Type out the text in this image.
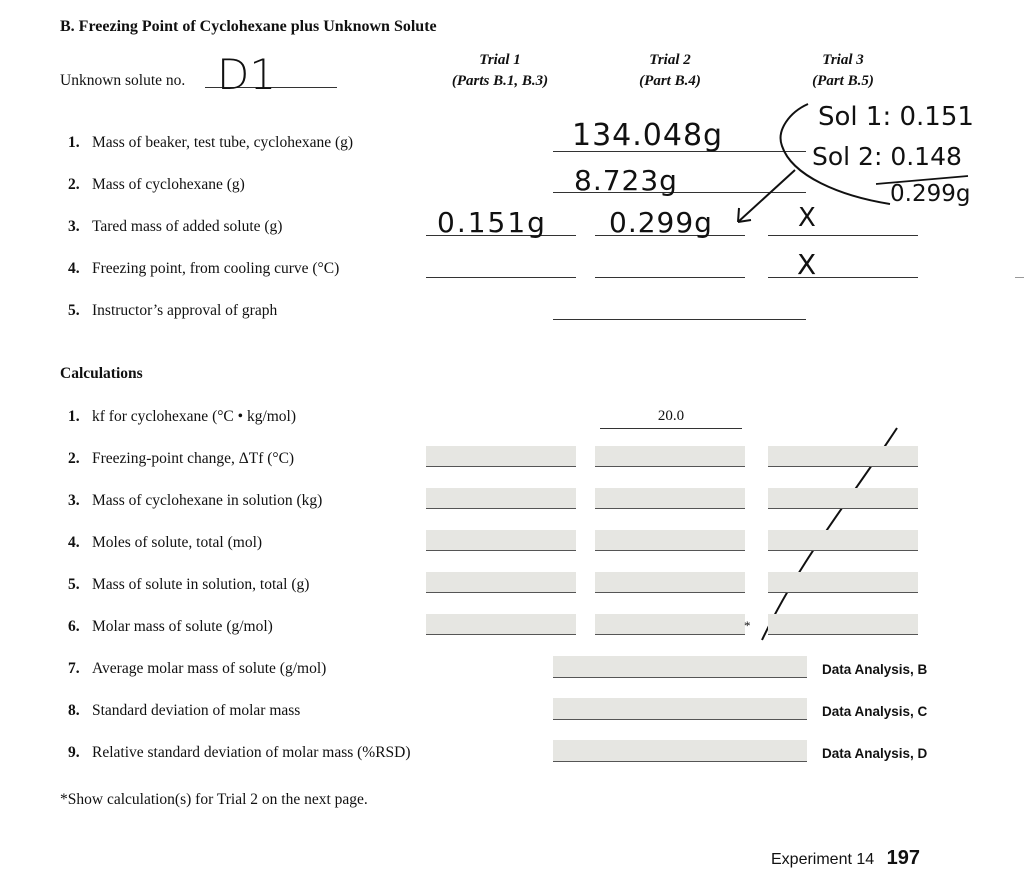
B. Freezing Point of Cyclohexane plus Unknown Solute
Unknown solute no. D1	Trial 1
(Parts B.1, B.3)
Trial 2
(Part B.4)
Trial 3
(Part B.5)
1. Mass of beaker, test tube, cyclohexane (g)
2. Mass of cyclohexane (g)
3. Tared mass of added solute (g)
4. Freezing point, from cooling curve (°C)
5. Instructor’s approval of graph
134.048g
8.723g
0.151g 0.299g	X
X
Sol 1: 0.151
Sol 2: 0.148
0.299g
Calculations
1. kf for cyclohexane (°C • kg/mol)
2. Freezing-point change, ΔTf (°C)
3. Mass of cyclohexane in solution (kg)
4. Moles of solute, total (mol)
5. Mass of solute in solution, total (g)
6. Molar mass of solute (g/mol)
7. Average molar mass of solute (g/mol)
8. Standard deviation of molar mass
9. Relative standard deviation of molar mass (%RSD)
20.0
*
Data Analysis, B
Data Analysis, C
Data Analysis, D
*Show calculation(s) for Trial 2 on the next page.
Experiment 14 197
